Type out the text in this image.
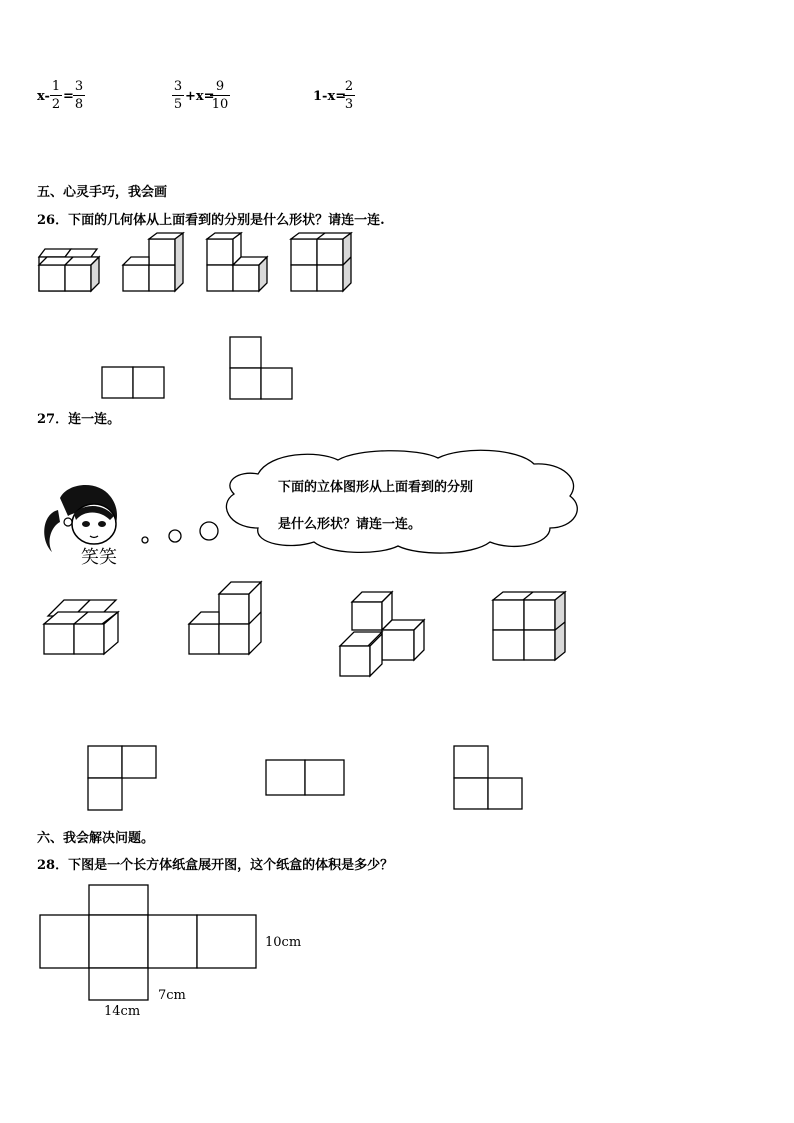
x-
1
2
=
3
8
3
5
+x=
9
10
1-x=
2
3
五、心灵手巧，我会画
26．下面的几何体从上面看到的分别是什么形状？请连一连.
27．连一连。
笑笑
下面的立体图形从上面看到的分别
是什么形状？请连一连。
六、我会解决问题。
28．下图是一个长方体纸盒展开图，这个纸盒的体积是多少？
10cm
7cm
14cm
